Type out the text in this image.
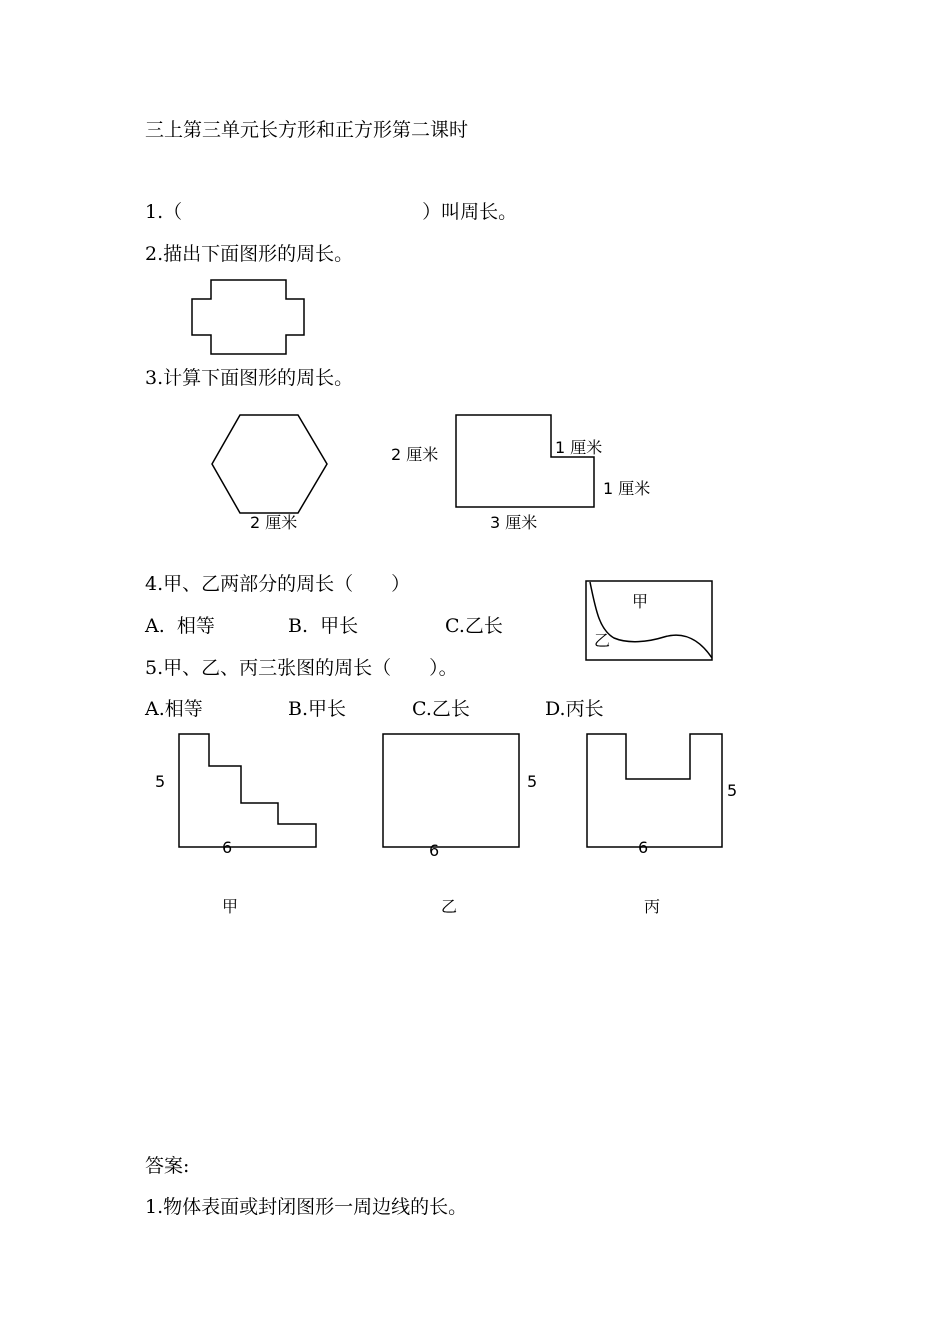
三上第三单元长方形和正方形第二课时
1.（	）叫周长。
2.描出下面图形的周长。
3.计算下面图形的周长。
4.甲、乙两部分的周长（　　）
A.  相等	B.  甲长	C.乙长
5.甲、乙、丙三张图的周长（　　）。
A.相等	B.甲长	C.乙长	D.丙长
2 厘米
2 厘米	1 厘米
1 厘米
3 厘米
甲
乙
5
6
甲
5
6
乙
5
6
丙
答案:
1.物体表面或封闭图形一周边线的长。
